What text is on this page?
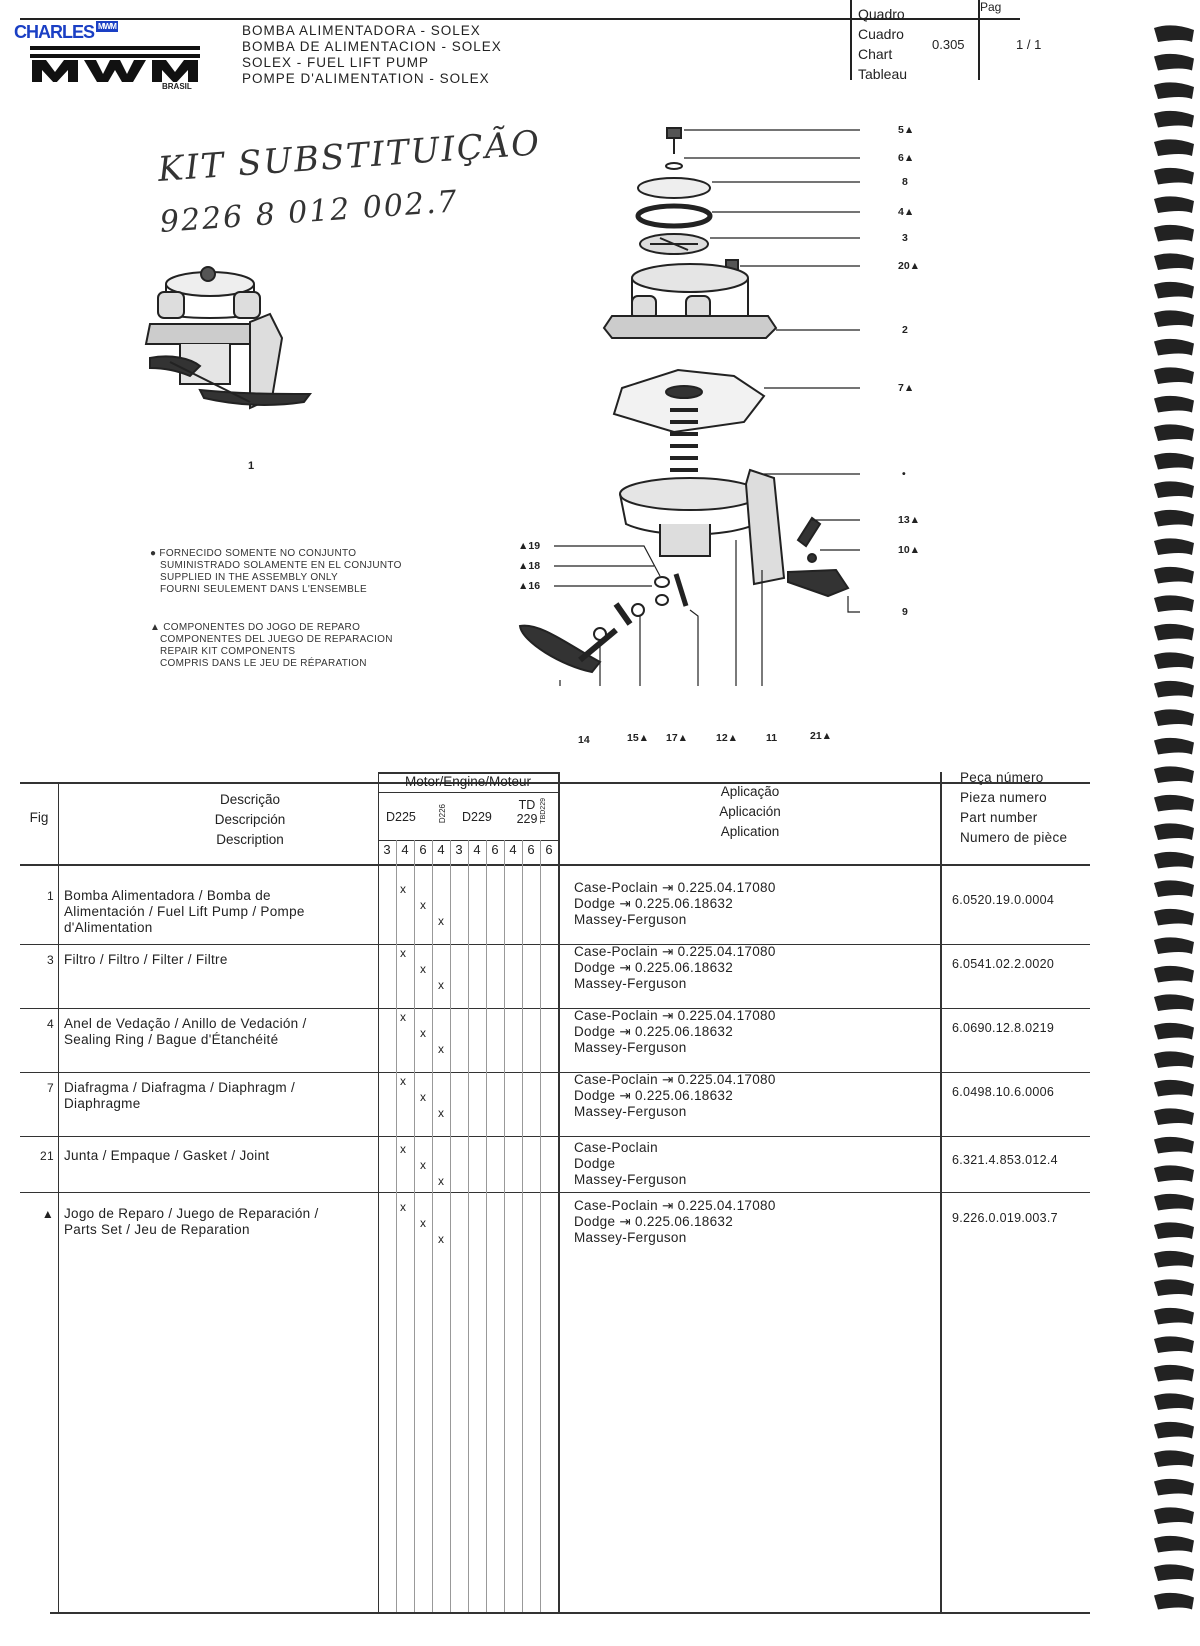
CHARLES $^{MWM}$
BRASIL
BOMBA ALIMENTADORA - SOLEX
BOMBA DE ALIMENTACION - SOLEX
SOLEX - FUEL LIFT PUMP
POMPE D'ALIMENTATION - SOLEX
Quadro
Cuadro
Chart
Tableau
0.305
Pag
1 / 1
KIT SUBSTITUIÇÃO
9226 8 012 002.7
1
5▲
6▲
8
4▲
3
20▲
2
7▲
•
13▲
10▲
9
▲19
▲18
▲16
14	15▲ 17▲	12▲	11	21▲
● FORNECIDO SOMENTE NO CONJUNTO
SUMINISTRADO SOLAMENTE EN EL CONJUNTO
SUPPLIED IN THE ASSEMBLY ONLY
FOURNI SEULEMENT DANS L'ENSEMBLE
▲ COMPONENTES DO JOGO DE REPARO
COMPONENTES DEL JUEGO DE REPARACION
REPAIR KIT COMPONENTS
COMPRIS DANS LE JEU DE RÉPARATION
Fig
Descrição
Descripción
Description
Motor/Engine/Moteur
D225	D226 D229
TD 229 TBD229
3 4 6 4 3 4 6 4 6 6
Aplicação
Aplicación
Aplication
Peça número
Pieza numero
Part number
Numero de pièce
1 Bomba Alimentadora / Bomba de
Alimentación / Fuel Lift Pump / Pompe
d'Alimentation
x
x
x
Case-Poclain ⇥ 0.225.04.17080
Dodge ⇥ 0.225.06.18632
Massey-Ferguson
6.0520.19.0.0004
3 Filtro / Filtro / Filter / Filtre	x
x
x
Case-Poclain ⇥ 0.225.04.17080
Dodge ⇥ 0.225.06.18632
Massey-Ferguson
6.0541.02.2.0020
4 Anel de Vedação / Anillo de Vedación /
Sealing Ring / Bague d'Étanchéité
x
x
x
Case-Poclain ⇥ 0.225.04.17080
Dodge ⇥ 0.225.06.18632
Massey-Ferguson
6.0690.12.8.0219
7 Diafragma / Diafragma / Diaphragm /
Diaphragme
x
x
x
Case-Poclain ⇥ 0.225.04.17080
Dodge ⇥ 0.225.06.18632
Massey-Ferguson
6.0498.10.6.0006
21 Junta / Empaque / Gasket / Joint	x
x
x
Case-Poclain
Dodge
Massey-Ferguson
6.321.4.853.012.4
▲ Jogo de Reparo / Juego de Reparación /
Parts Set / Jeu de Reparation
x
x
x
Case-Poclain ⇥ 0.225.04.17080
Dodge ⇥ 0.225.06.18632
Massey-Ferguson
9.226.0.019.003.7
